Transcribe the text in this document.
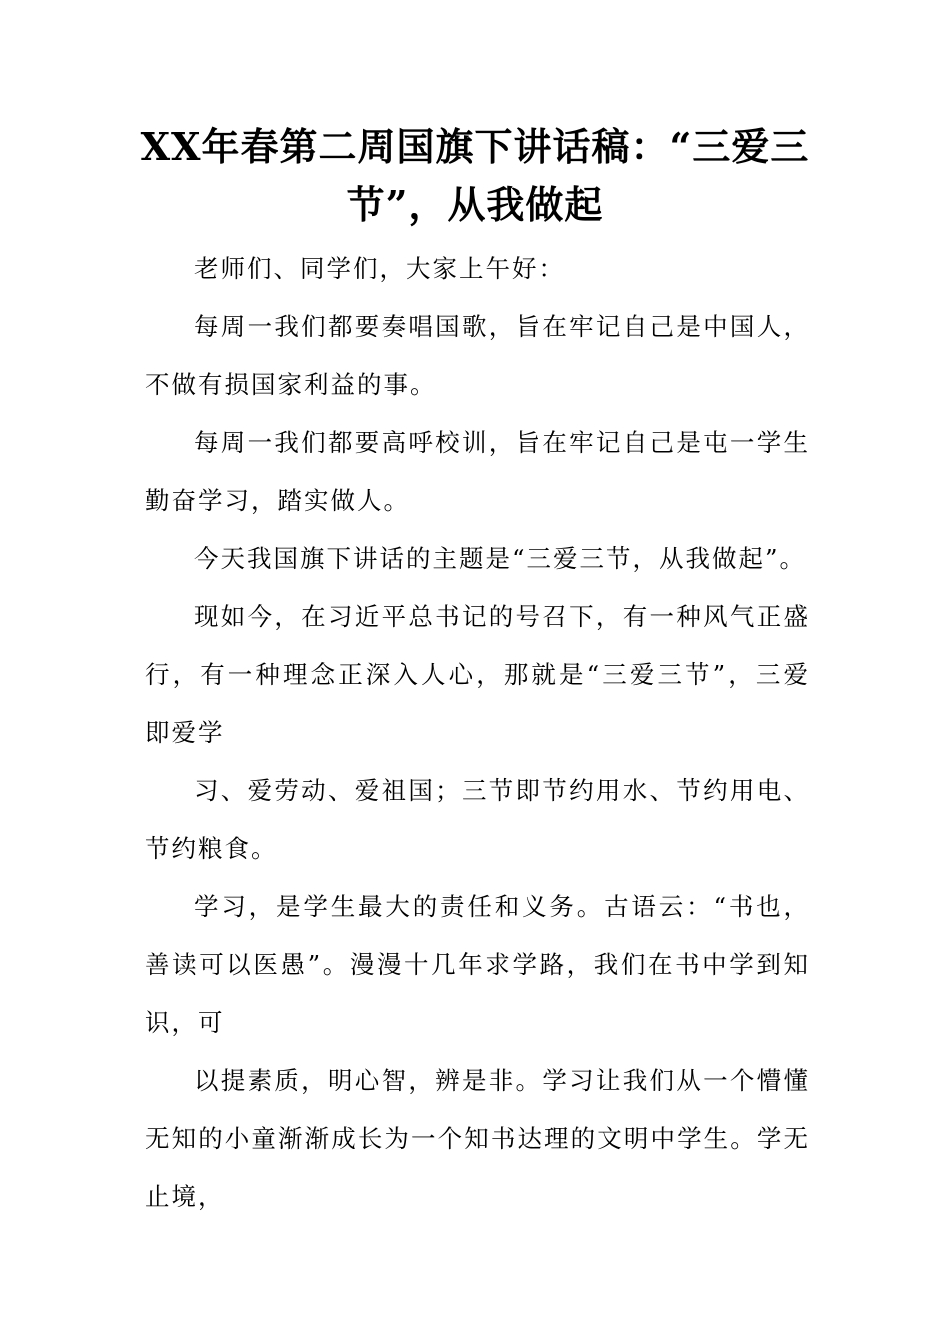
XX年春第二周国旗下讲话稿：“三爱三节”，从我做起

老师们、同学们，大家上午好：

每周一我们都要奏唱国歌，旨在牢记自己是中国人，不做有损国家利益的事。

每周一我们都要高呼校训，旨在牢记自己是屯一学生勤奋学习，踏实做人。

今天我国旗下讲话的主题是“三爱三节，从我做起”。

现如今，在习近平总书记的号召下，有一种风气正盛行，有一种理念正深入人心，那就是“三爱三节”，三爱即爱学

习、爱劳动、爱祖国；三节即节约用水、节约用电、节约粮食。

学习，是学生最大的责任和义务。古语云：“书也，善读可以医愚”。漫漫十几年求学路，我们在书中学到知识，可

以提素质，明心智，辨是非。学习让我们从一个懵懂无知的小童渐渐成长为一个知书达理的文明中学生。学无止境，
